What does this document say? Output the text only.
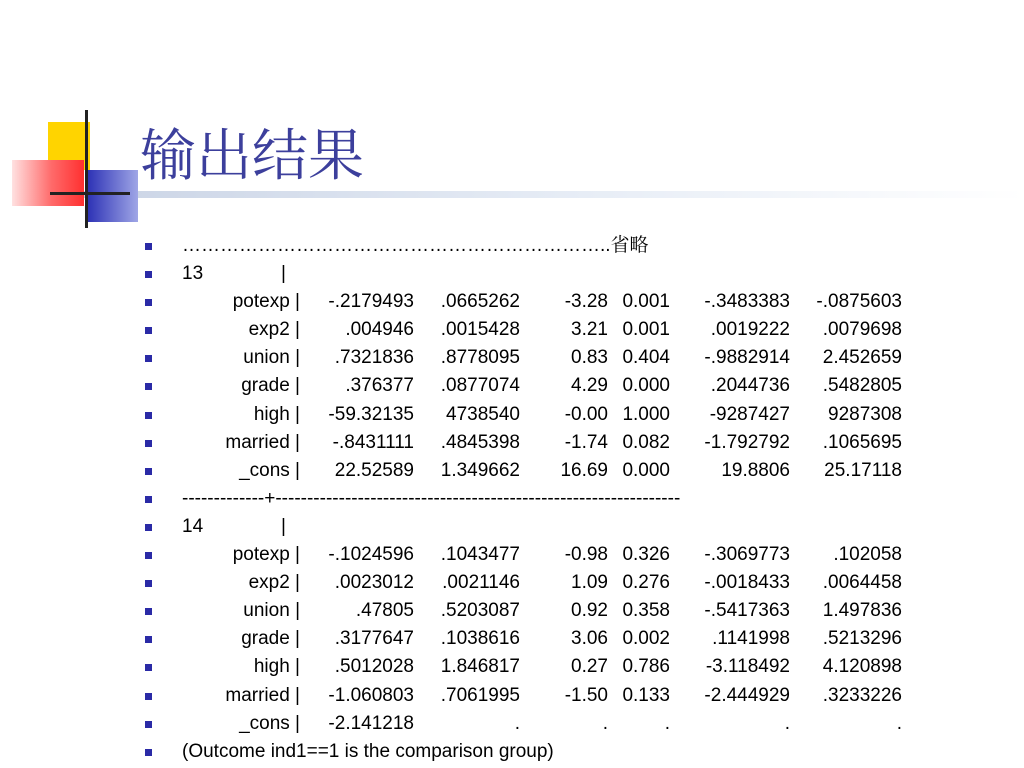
输出结果
…………………………………………………………..省略
13	|
potexp |	-.2179493	.0665262	-3.28 0.001	-.3483383	-.0875603
exp2 |	.004946	.0015428	3.21 0.001	.0019222	.0079698
union |	.7321836	.8778095	0.83 0.404	-.9882914	2.452659
grade |	.376377	.0877074	4.29 0.000	.2044736	.5482805
high |	-59.32135	4738540	-0.00 1.000	-9287427	9287308
married |	-.8431111	.4845398	-1.74 0.082	-1.792792	.1065695
_cons |	22.52589	1.349662	16.69 0.000	19.8806	25.17118
-------------+----------------------------------------------------------------
14	|
potexp |	-.1024596	.1043477	-0.98 0.326	-.3069773	.102058
exp2 |	.0023012	.0021146	1.09 0.276	-.0018433	.0064458
union |	.47805	.5203087	0.92 0.358	-.5417363	1.497836
grade |	.3177647	.1038616	3.06 0.002	.1141998	.5213296
high |	.5012028	1.846817	0.27 0.786	-3.118492	4.120898
married |	-1.060803	.7061995	-1.50 0.133	-2.444929	.3233226
_cons |	-2.141218	.	.	.	.	.
(Outcome ind1==1 is the comparison group)
